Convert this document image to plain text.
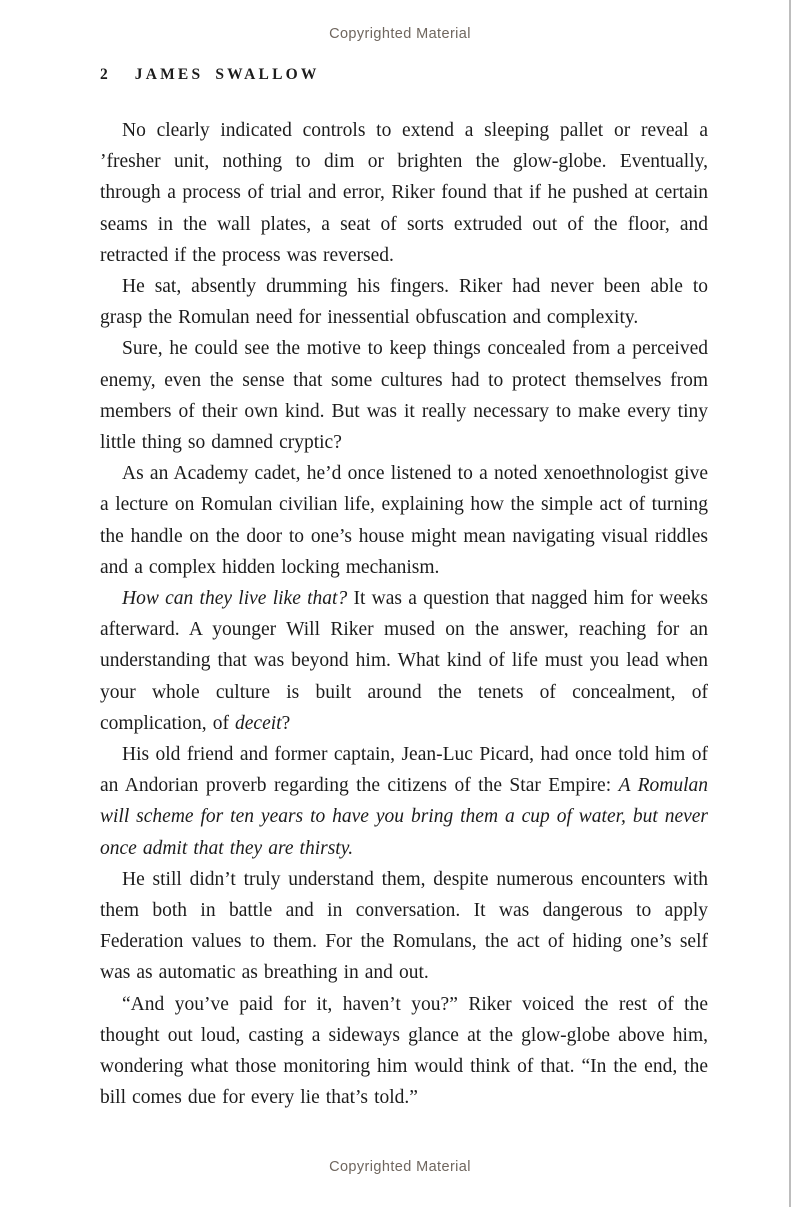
Copyrighted Material
2 JAMES SWALLOW

No clearly indicated controls to extend a sleeping pallet or reveal a ’fresher unit, nothing to dim or brighten the glow-globe. Eventually, through a process of trial and error, Riker found that if he pushed at certain seams in the wall plates, a seat of sorts extruded out of the floor, and retracted if the process was reversed.

He sat, absently drumming his fingers. Riker had never been able to grasp the Romulan need for inessential obfuscation and complexity.

Sure, he could see the motive to keep things concealed from a perceived enemy, even the sense that some cultures had to protect themselves from members of their own kind. But was it really necessary to make every tiny little thing so damned cryptic?

As an Academy cadet, he’d once listened to a noted xenoethnologist give a lecture on Romulan civilian life, explaining how the simple act of turning the handle on the door to one’s house might mean navigating visual riddles and a complex hidden locking mechanism.

How can they live like that? It was a question that nagged him for weeks afterward. A younger Will Riker mused on the answer, reaching for an understanding that was beyond him. What kind of life must you lead when your whole culture is built around the tenets of concealment, of complication, of deceit?

His old friend and former captain, Jean-Luc Picard, had once told him of an Andorian proverb regarding the citizens of the Star Empire: A Romulan will scheme for ten years to have you bring them a cup of water, but never once admit that they are thirsty.

He still didn’t truly understand them, despite numerous encounters with them both in battle and in conversation. It was dangerous to apply Federation values to them. For the Romulans, the act of hiding one’s self was as automatic as breathing in and out.

“And you’ve paid for it, haven’t you?” Riker voiced the rest of the thought out loud, casting a sideways glance at the glow-globe above him, wondering what those monitoring him would think of that. “In the end, the bill comes due for every lie that’s told.”

Copyrighted Material
